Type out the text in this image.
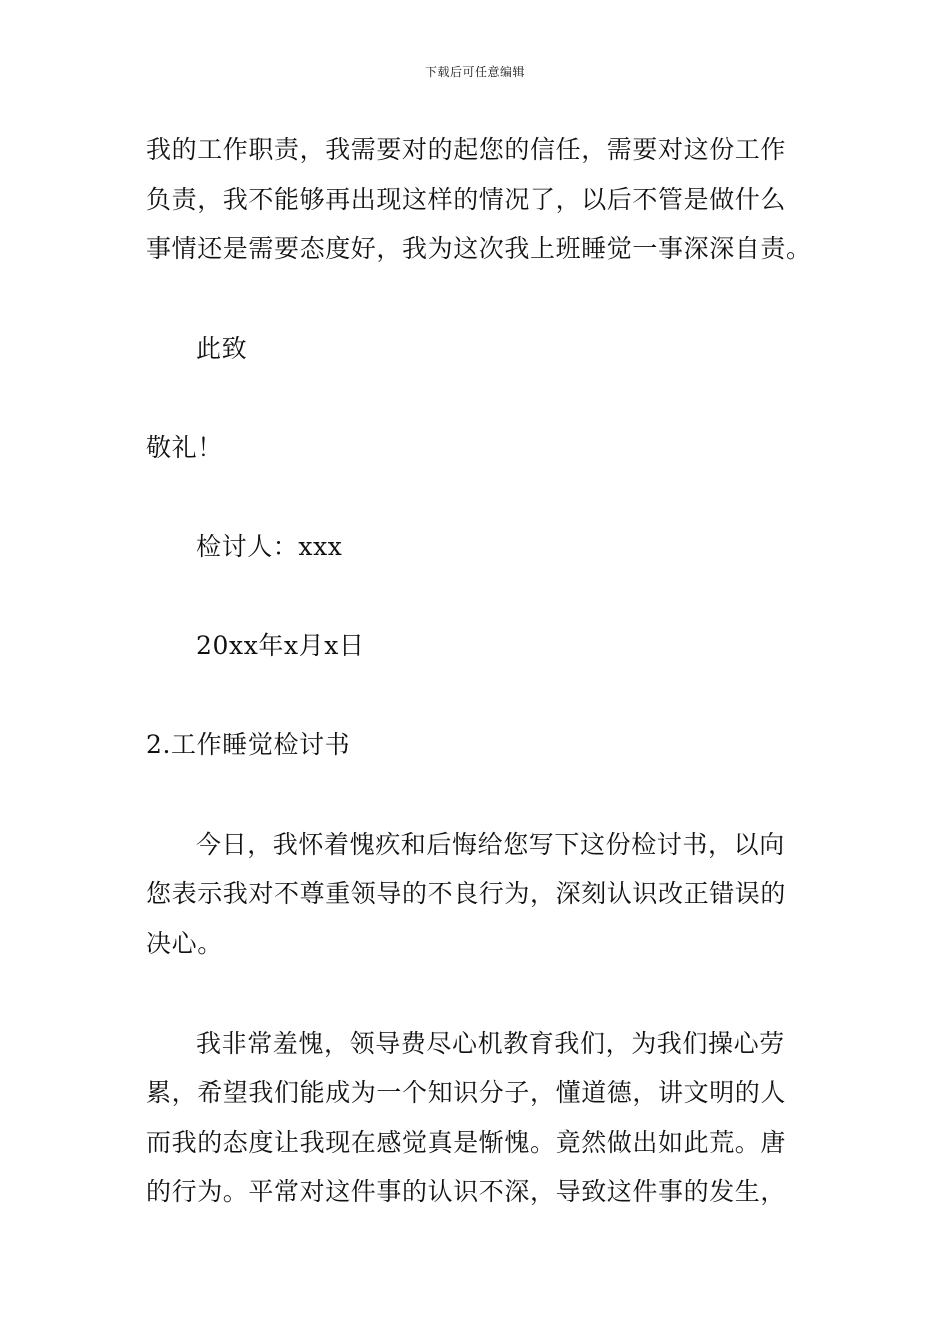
下载后可任意编辑
我的工作职责，我需要对的起您的信任，需要对这份工作
负责，我不能够再出现这样的情况了，以后不管是做什么
事情还是需要态度好，我为这次我上班睡觉一事深深自责。
此致
敬礼！
检讨人：xxx
20xx年x月x日
2.工作睡觉检讨书
今日，我怀着愧疚和后悔给您写下这份检讨书，以向
您表示我对不尊重领导的不良行为，深刻认识改正错误的
决心。
我非常羞愧，领导费尽心机教育我们，为我们操心劳
累，希望我们能成为一个知识分子，懂道德，讲文明的人
而我的态度让我现在感觉真是惭愧。竟然做出如此荒。唐
的行为。平常对这件事的认识不深，导致这件事的发生，
